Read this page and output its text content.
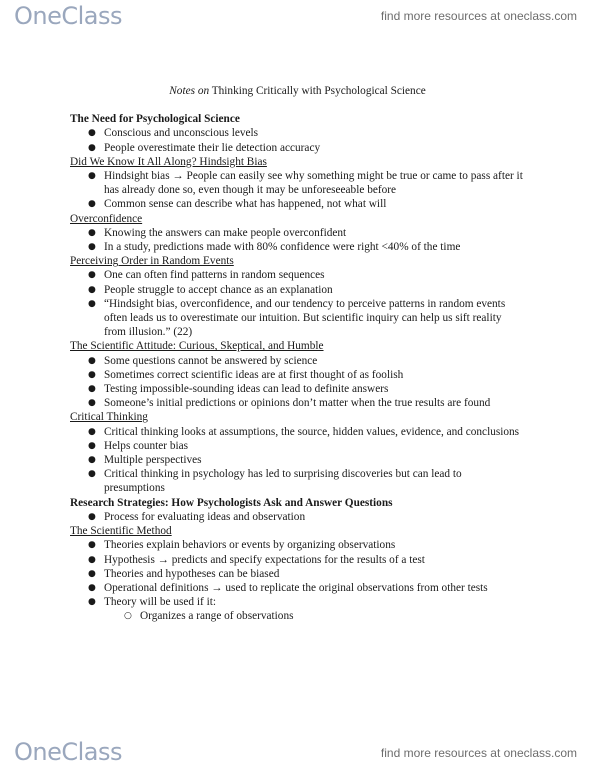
One Class	find more resources at oneclass.com
Notes on Thinking Critically with Psychological Science
The Need for Psychological Science
● Conscious and unconscious levels
● People overestimate their lie detection accuracy
Did We Know It All Along? Hindsight Bias
● Hindsight bias → People can easily see why something might be true or came to pass after it has already done so, even though it may be unforeseeable before
● Common sense can describe what has happened, not what will
Overconfidence
● Knowing the answers can make people overconfident
● In a study, predictions made with 80% confidence were right <40% of the time
Perceiving Order in Random Events
● One can often find patterns in random sequences
● People struggle to accept chance as an explanation
● “Hindsight bias, overconfidence, and our tendency to perceive patterns in random events often leads us to overestimate our intuition. But scientific inquiry can help us sift reality from illusion.” (22)
The Scientific Attitude: Curious, Skeptical, and Humble
● Some questions cannot be answered by science
● Sometimes correct scientific ideas are at first thought of as foolish
● Testing impossible-sounding ideas can lead to definite answers
● Someone’s initial predictions or opinions don’t matter when the true results are found
Critical Thinking
● Critical thinking looks at assumptions, the source, hidden values, evidence, and conclusions
● Helps counter bias
● Multiple perspectives
● Critical thinking in psychology has led to surprising discoveries but can lead to presumptions
Research Strategies: How Psychologists Ask and Answer Questions
● Process for evaluating ideas and observation
The Scientific Method
● Theories explain behaviors or events by organizing observations
● Hypothesis → predicts and specify expectations for the results of a test
● Theories and hypotheses can be biased
● Operational definitions → used to replicate the original observations from other tests
● Theory will be used if it:
○ Organizes a range of observations
One Class	find more resources at oneclass.com
